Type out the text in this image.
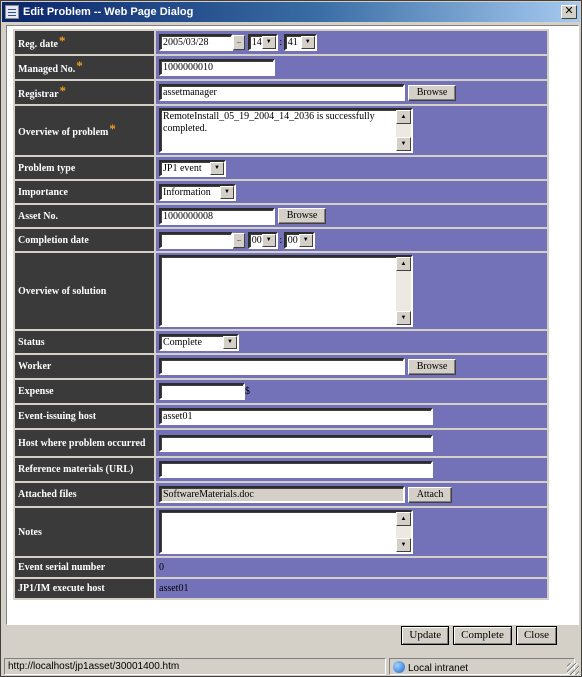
Edit Problem -- Web Page Dialog	✕
Reg. date*	2005/03/28 .. 14 ▼ : 41 ▼

Managed No.*	1000000010
Registrar*	assetmanager Browse
Overview of problem*	RemoteInstall_05_19_2004_14_2036 is successfully completed.
▲
▼

Problem type	JP1 event ▼

Importance	Information ▼

Asset No.	1000000008 Browse
Completion date	.. 00 ▼ : 00 ▼

Overview of solution	▲
▼

Status	Complete ▼

Worker	Browse
Expense	$
Event-issuing host	asset01
Host where problem occurred	
Reference materials (URL)	
Attached files	SoftwareMaterials.doc Attach
Notes	▲
▼

Event serial number	0
JP1/IM execute host	asset01
Update Complete Close
http://localhost/jp1asset/30001400.htm	Local intranet
